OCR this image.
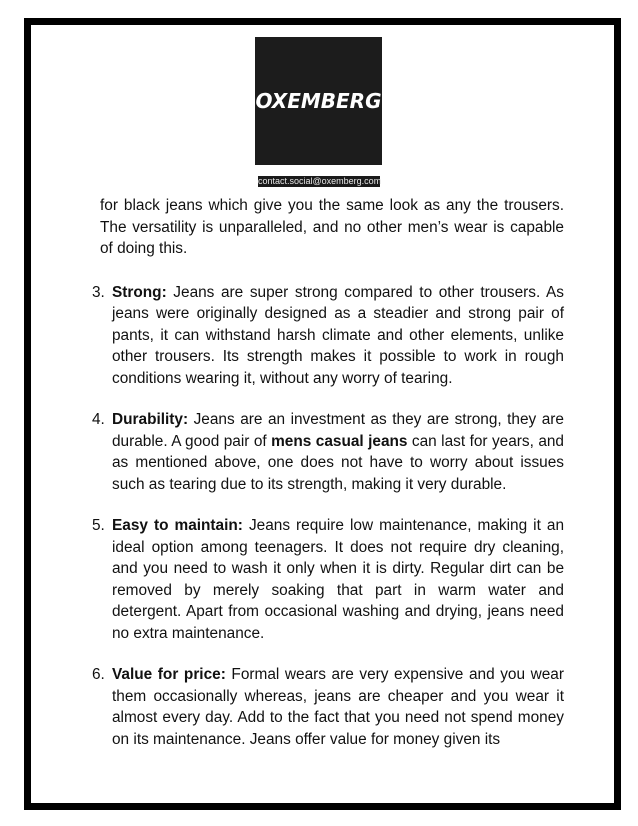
OXEMBERG
contact.social@oxemberg.com

for black jeans which give you the same look as any the trousers. The versatility is unparalleled, and no other men’s wear is capable of doing this.

3. Strong: Jeans are super strong compared to other trousers. As jeans were originally designed as a steadier and strong pair of pants, it can withstand harsh climate and other elements, unlike other trousers. Its strength makes it possible to work in rough conditions wearing it, without any worry of tearing.
4. Durability: Jeans are an investment as they are strong, they are durable. A good pair of mens casual jeans can last for years, and as mentioned above, one does not have to worry about issues such as tearing due to its strength, making it very durable.
5. Easy to maintain: Jeans require low maintenance, making it an ideal option among teenagers. It does not require dry cleaning, and you need to wash it only when it is dirty. Regular dirt can be removed by merely soaking that part in warm water and detergent. Apart from occasional washing and drying, jeans need no extra maintenance.
6. Value for price: Formal wears are very expensive and you wear them occasionally whereas, jeans are cheaper and you wear it almost every day. Add to the fact that you need not spend money on its maintenance. Jeans offer value for money given its
